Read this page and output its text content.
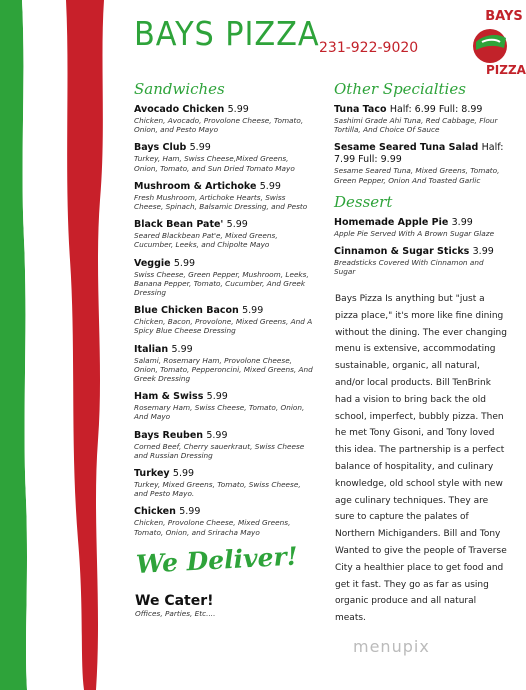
BAYS PIZZA 231-922-9020
BAYS
PIZZA
Sandwiches
Avocado Chicken 5.99
Chicken, Avocado, Provolone Cheese, Tomato, Onion, and Pesto Mayo
Bays Club 5.99
Turkey, Ham, Swiss Cheese,Mixed Greens, Onion, Tomato, and Sun Dried Tomato Mayo
Mushroom & Artichoke 5.99
Fresh Mushroom, Artichoke Hearts, Swiss Cheese, Spinach, Balsamic Dressing, and Pesto
Black Bean Pate' 5.99
Seared Blackbean Pat'e, Mixed Greens, Cucumber, Leeks, and Chipolte Mayo
Veggie 5.99
Swiss Cheese, Green Pepper, Mushroom, Leeks, Banana Pepper, Tomato, Cucumber, And Greek Dressing
Blue Chicken Bacon 5.99
Chicken, Bacon, Provolone, Mixed Greens, And A Spicy Blue Cheese Dressing
Italian 5.99
Salami, Rosemary Ham, Provolone Cheese, Onion, Tomato, Pepperoncini, Mixed Greens, And Greek Dressing
Ham & Swiss 5.99
Rosemary Ham, Swiss Cheese, Tomato, Onion, And Mayo
Bays Reuben 5.99
Corned Beef, Cherry sauerkraut, Swiss Cheese and Russian Dressing
Turkey 5.99
Turkey, Mixed Greens, Tomato, Swiss Cheese, and Pesto Mayo.
Chicken 5.99
Chicken, Provolone Cheese, Mixed Greens, Tomato, Onion, and Sriracha Mayo
Other Specialties
Tuna Taco Half: 6.99 Full: 8.99
Sashimi Grade Ahi Tuna, Red Cabbage, Flour Tortilla, And Choice Of Sauce
Sesame Seared Tuna Salad Half: 7.99 Full: 9.99
Sesame Seared Tuna, Mixed Greens, Tomato, Green Pepper, Onion And Toasted Garlic
Dessert
Homemade Apple Pie 3.99
Apple Pie Served With A Brown Sugar Glaze
Cinnamon & Sugar Sticks 3.99
Breadsticks Covered With Cinnamon and Sugar
Bays Pizza Is anything but "just a pizza place," it's more like fine dining without the dining. The ever changing menu is extensive, accommodating sustainable, organic, all natural, and/or local products. Bill TenBrink had a vision to bring back the old school, imperfect, bubbly pizza. Then he met Tony Gisoni, and Tony loved this idea. The partnership is a perfect balance of hospitality, and culinary knowledge, old school style with new age culinary techniques. They are sure to capture the palates of Northern Michiganders. Bill and Tony Wanted to give the people of Traverse City a healthier place to get food and get it fast. They go as far as using organic produce and all natural meats.
We Deliver!
We Cater!
Offices, Parties, Etc....
menupix
